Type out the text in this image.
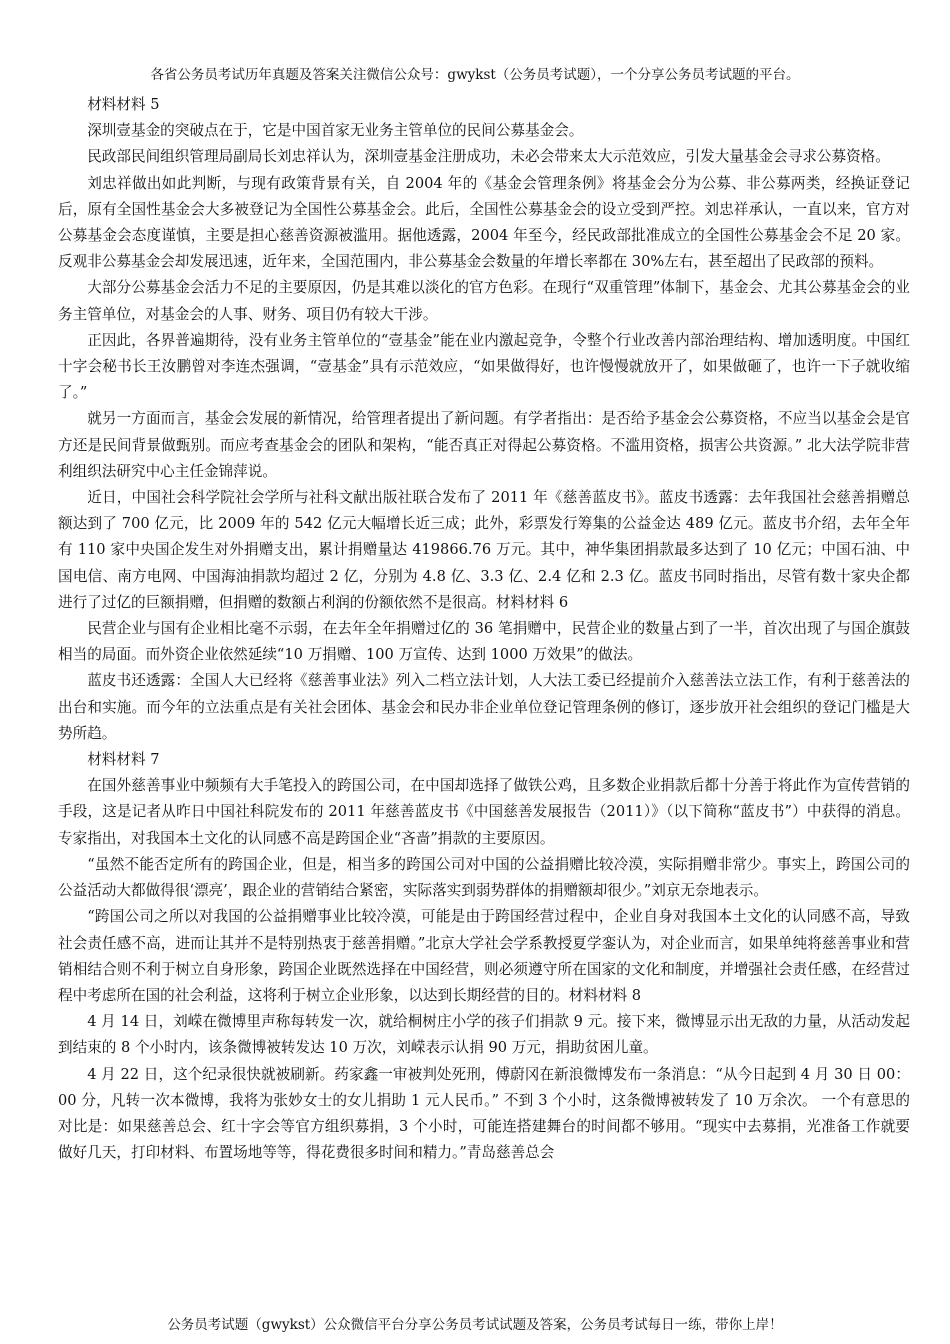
各省公务员考试历年真题及答案关注微信公众号：gwykst（公务员考试题），一个分享公务员考试题的平台。

材料材料 5

深圳壹基金的突破点在于，它是中国首家无业务主管单位的民间公募基金会。

民政部民间组织管理局副局长刘忠祥认为，深圳壹基金注册成功，未必会带来太大示范效应，引发大量基金会寻求公募资格。

刘忠祥做出如此判断，与现有政策背景有关，自 2004 年的《基金会管理条例》将基金会分为公募、非公募两类，经换证登记后，原有全国性基金会大多被登记为全国性公募基金会。此后，全国性公募基金会的设立受到严控。刘忠祥承认，一直以来，官方对公募基金会态度谨慎，主要是担心慈善资源被滥用。据他透露，2004 年至今，经民政部批准成立的全国性公募基金会不足 20 家。反观非公募基金会却发展迅速，近年来，全国范围内，非公募基金会数量的年增长率都在 30%左右，甚至超出了民政部的预料。

大部分公募基金会活力不足的主要原因，仍是其难以淡化的官方色彩。在现行“双重管理”体制下，基金会、尤其公募基金会的业务主管单位，对基金会的人事、财务、项目仍有较大干涉。

正因此，各界普遍期待，没有业务主管单位的“壹基金”能在业内激起竞争，令整个行业改善内部治理结构、增加透明度。中国红十字会秘书长王汝鹏曾对李连杰强调，“壹基金”具有示范效应，“如果做得好，也许慢慢就放开了，如果做砸了，也许一下子就收缩了。”

就另一方面而言，基金会发展的新情况，给管理者提出了新问题。有学者指出：是否给予基金会公募资格，不应当以基金会是官方还是民间背景做甄别。而应考查基金会的团队和架构，“能否真正对得起公募资格。不滥用资格，损害公共资源。” 北大法学院非营利组织法研究中心主任金锦萍说。

近日，中国社会科学院社会学所与社科文献出版社联合发布了 2011 年《慈善蓝皮书》。蓝皮书透露：去年我国社会慈善捐赠总额达到了 700 亿元，比 2009 年的 542 亿元大幅增长近三成；此外，彩票发行筹集的公益金达 489 亿元。蓝皮书介绍，去年全年有 110 家中央国企发生对外捐赠支出，累计捐赠量达 419866.76 万元。其中，神华集团捐款最多达到了 10 亿元；中国石油、中国电信、南方电网、中国海油捐款均超过 2 亿，分别为 4.8 亿、3.3 亿、2.4 亿和 2.3 亿。蓝皮书同时指出，尽管有数十家央企都进行了过亿的巨额捐赠，但捐赠的数额占利润的份额依然不是很高。材料材料 6

民营企业与国有企业相比毫不示弱，在去年全年捐赠过亿的 36 笔捐赠中，民营企业的数量占到了一半，首次出现了与国企旗鼓相当的局面。而外资企业依然延续“10 万捐赠、100 万宣传、达到 1000 万效果”的做法。

蓝皮书还透露：全国人大已经将《慈善事业法》列入二档立法计划，人大法工委已经提前介入慈善法立法工作，有利于慈善法的出台和实施。而今年的立法重点是有关社会团体、基金会和民办非企业单位登记管理条例的修订，逐步放开社会组织的登记门槛是大势所趋。

材料材料 7

在国外慈善事业中频频有大手笔投入的跨国公司，在中国却选择了做铁公鸡，且多数企业捐款后都十分善于将此作为宣传营销的手段，这是记者从昨日中国社科院发布的 2011 年慈善蓝皮书《中国慈善发展报告（2011）》（以下简称“蓝皮书”）中获得的消息。专家指出，对我国本土文化的认同感不高是跨国企业“吝啬”捐款的主要原因。

“虽然不能否定所有的跨国企业，但是，相当多的跨国公司对中国的公益捐赠比较冷漠，实际捐赠非常少。事实上，跨国公司的公益活动大都做得很‘漂亮’，跟企业的营销结合紧密，实际落实到弱势群体的捐赠额却很少。”刘京无奈地表示。

“跨国公司之所以对我国的公益捐赠事业比较冷漠，可能是由于跨国经营过程中，企业自身对我国本土文化的认同感不高，导致社会责任感不高，进而让其并不是特别热衷于慈善捐赠。”北京大学社会学系教授夏学銮认为，对企业而言，如果单纯将慈善事业和营销相结合则不利于树立自身形象，跨国企业既然选择在中国经营，则必须遵守所在国家的文化和制度，并增强社会责任感，在经营过程中考虑所在国的社会利益，这将利于树立企业形象，以达到长期经营的目的。材料材料 8

4 月 14 日，刘嵘在微博里声称每转发一次，就给桐树庄小学的孩子们捐款 9 元。接下来，微博显示出无敌的力量，从活动发起到结束的 8 个小时内，该条微博被转发达 10 万次，刘嵘表示认捐 90 万元，捐助贫困儿童。

4 月 22 日，这个纪录很快就被刷新。药家鑫一审被判处死刑，傅蔚冈在新浪微博发布一条消息：“从今日起到 4 月 30 日 00：00 分，凡转一次本微博，我将为张妙女士的女儿捐助 1 元人民币。” 不到 3 个小时，这条微博被转发了 10 万余次。 一个有意思的对比是：如果慈善总会、红十字会等官方组织募捐，3 个小时，可能连搭建舞台的时间都不够用。“现实中去募捐，光准备工作就要做好几天，打印材料、布置场地等等，得花费很多时间和精力。”青岛慈善总会

公务员考试题（gwykst）公众微信平台分享公务员考试试题及答案，公务员考试每日一练，带你上岸！
